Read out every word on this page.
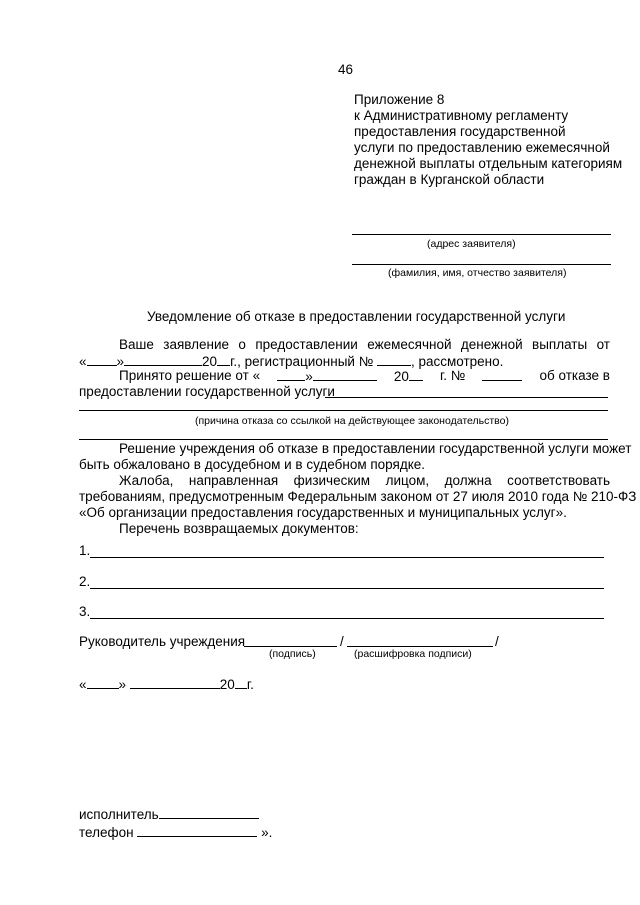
46
Приложение 8
к Административному регламенту
предоставления государственной
услуги по предоставлению ежемесячной
денежной выплаты отдельным категориям
граждан в Курганской области
(адрес заявителя)
(фамилия, имя, отчество заявителя)
Уведомление об отказе в предоставлении государственной услуги
Ваше заявление о предоставлении ежемесячной денежной выплаты от
« »	20 г., регистрационный №	, рассмотрено.
Принято решение от «	»	20	г. №	об отказе в
предоставлении государственной услуги
(причина отказа со ссылкой на действующее законодательство)
Решение учреждения об отказе в предоставлении государственной услуги может
быть обжаловано в досудебном и в судебном порядке.
Жалоба, направленная физическим лицом, должна соответствовать
требованиям, предусмотренным Федеральным законом от 27 июля 2010 года № 210-ФЗ
«Об организации предоставления государственных и муниципальных услуг».
Перечень возвращаемых документов:
1.
2.
3.
Руководитель учреждения	/	/
(подпись)	(расшифровка подписи)
« »	20 г.
исполнитель
телефон	».
